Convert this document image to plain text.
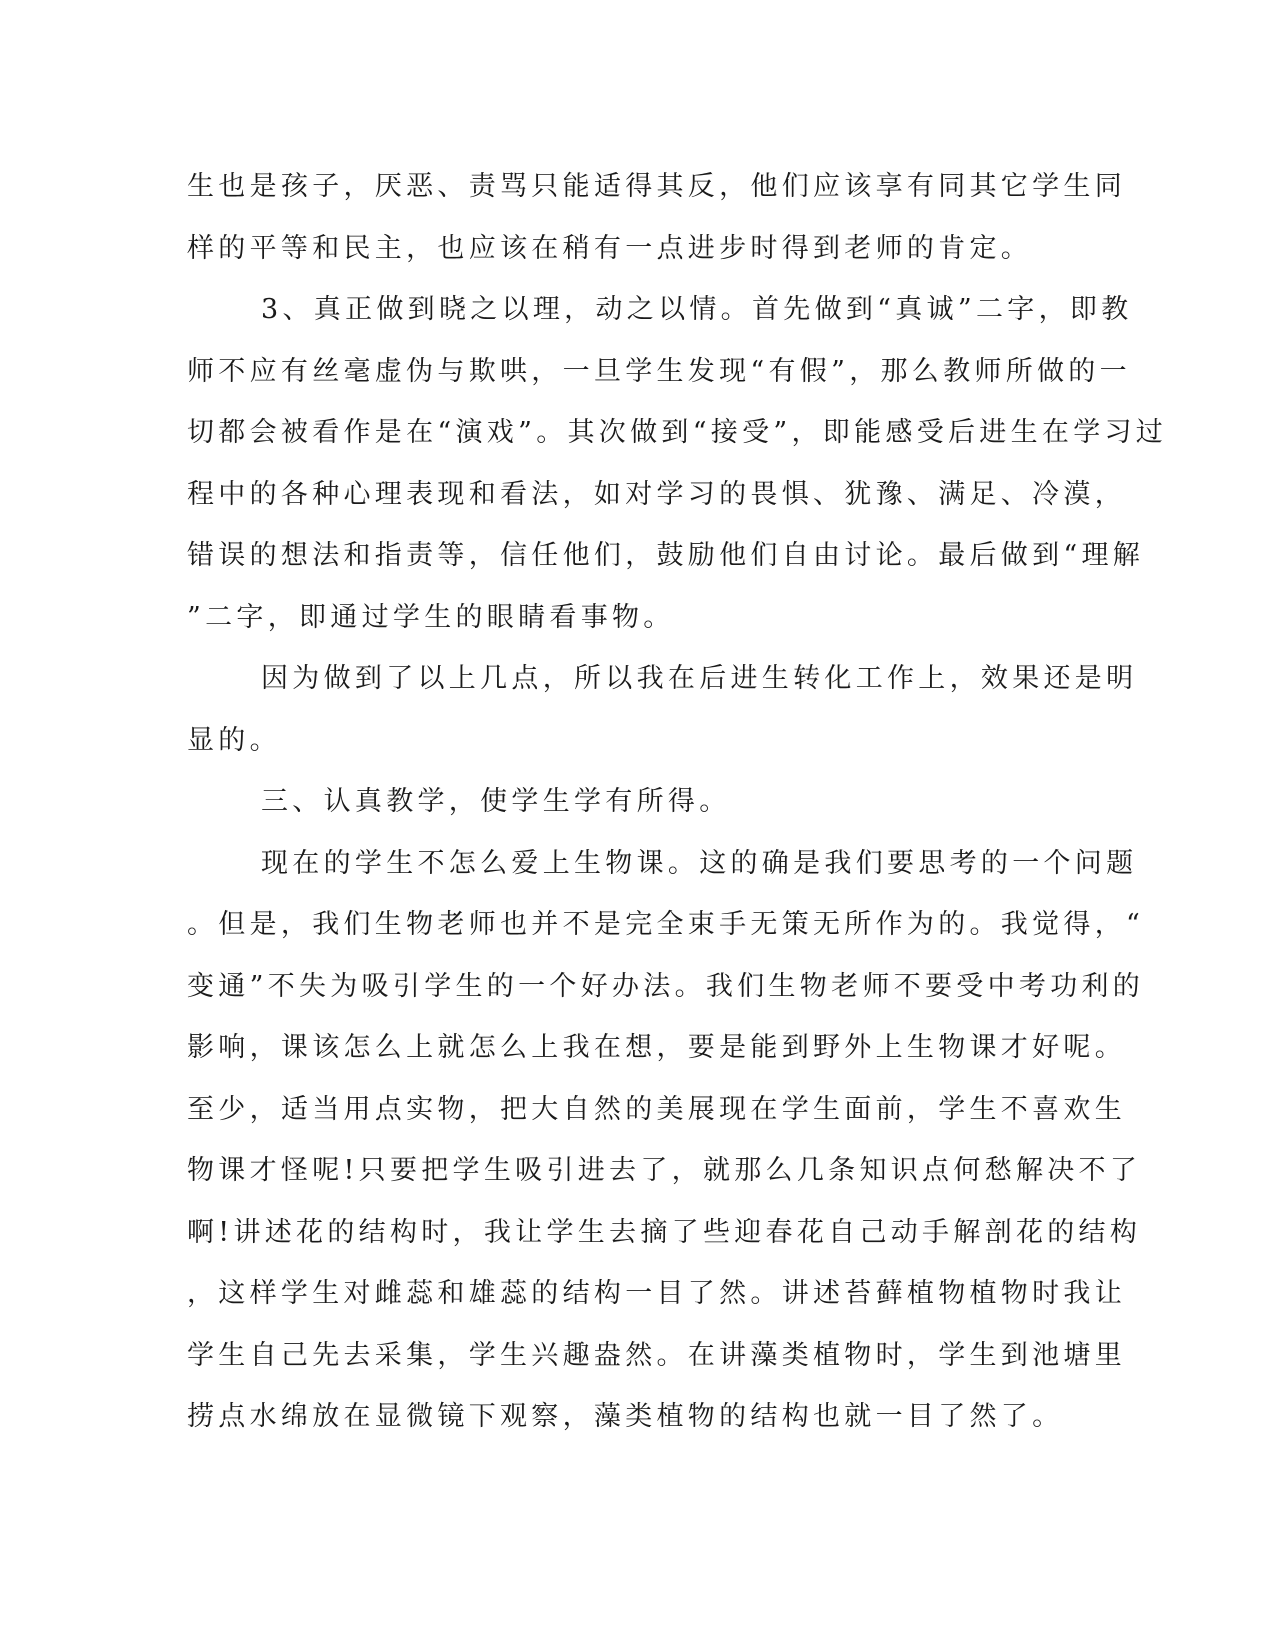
生也是孩子，厌恶、责骂只能适得其反，他们应该享有同其它学生同
样的平等和民主，也应该在稍有一点进步时得到老师的肯定。
3、真正做到晓之以理，动之以情。首先做到“真诚”二字，即教
师不应有丝毫虚伪与欺哄，一旦学生发现“有假”，那么教师所做的一
切都会被看作是在“演戏”。其次做到“接受”，即能感受后进生在学习过
程中的各种心理表现和看法，如对学习的畏惧、犹豫、满足、冷漠，
错误的想法和指责等，信任他们，鼓励他们自由讨论。最后做到“理解
”二字，即通过学生的眼睛看事物。
因为做到了以上几点，所以我在后进生转化工作上，效果还是明
显的。
三、认真教学，使学生学有所得。
现在的学生不怎么爱上生物课。这的确是我们要思考的一个问题
。但是，我们生物老师也并不是完全束手无策无所作为的。我觉得，“
变通”不失为吸引学生的一个好办法。我们生物老师不要受中考功利的
影响，课该怎么上就怎么上我在想，要是能到野外上生物课才好呢。
至少，适当用点实物，把大自然的美展现在学生面前，学生不喜欢生
物课才怪呢!只要把学生吸引进去了，就那么几条知识点何愁解决不了
啊!讲述花的结构时，我让学生去摘了些迎春花自己动手解剖花的结构
，这样学生对雌蕊和雄蕊的结构一目了然。讲述苔藓植物植物时我让
学生自己先去采集，学生兴趣盎然。在讲藻类植物时，学生到池塘里
捞点水绵放在显微镜下观察，藻类植物的结构也就一目了然了。
